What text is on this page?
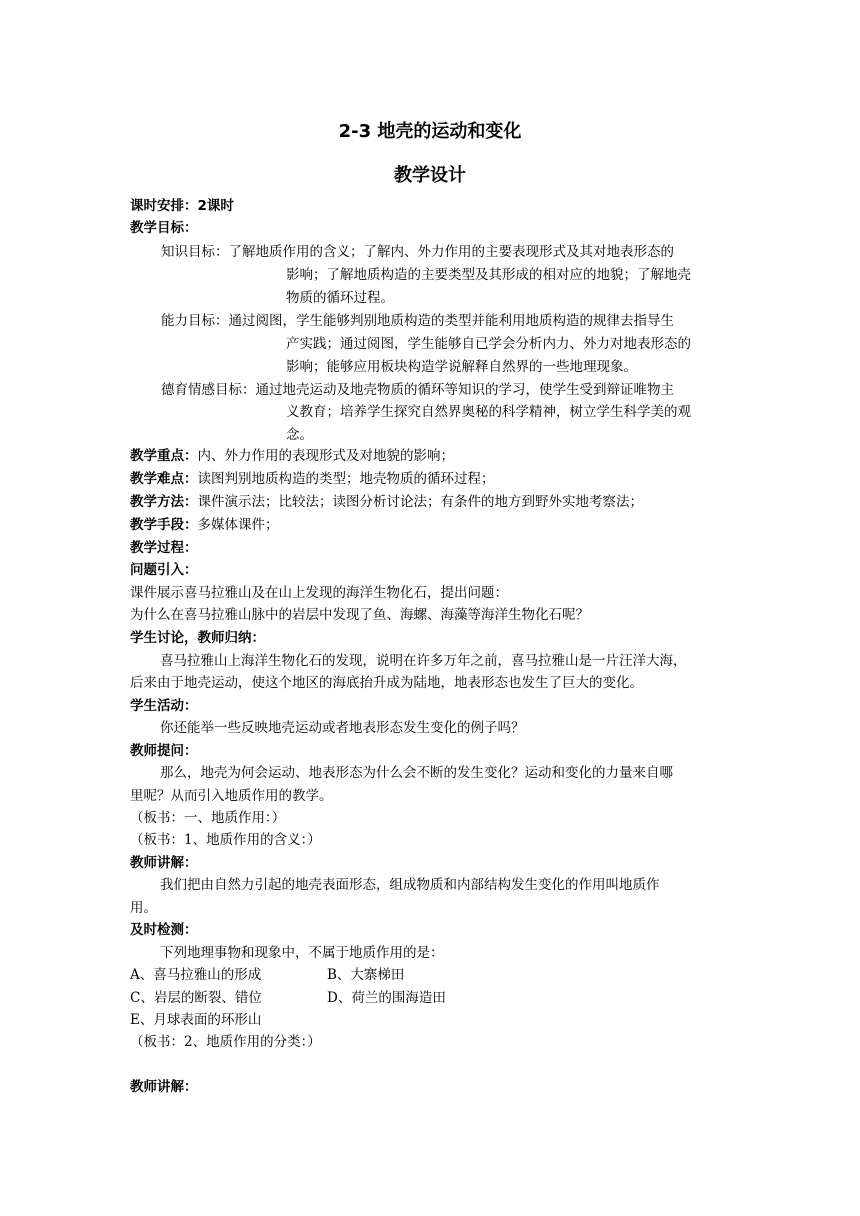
2-3 地壳的运动和变化
教学设计
课时安排：2课时
教学目标：
知识目标：了解地质作用的含义；了解内、外力作用的主要表现形式及其对地表形态的
影响；了解地质构造的主要类型及其形成的相对应的地貌；了解地壳
物质的循环过程。
能力目标：通过阅图，学生能够判别地质构造的类型并能利用地质构造的规律去指导生
产实践；通过阅图，学生能够自已学会分析内力、外力对地表形态的
影响；能够应用板块构造学说解释自然界的一些地理现象。
德育情感目标：通过地壳运动及地壳物质的循环等知识的学习，使学生受到辩证唯物主
义教育；培养学生探究自然界奥秘的科学精神，树立学生科学美的观
念。
教学重点：内、外力作用的表现形式及对地貌的影响；
教学难点：读图判别地质构造的类型；地壳物质的循环过程；
教学方法：课件演示法；比较法；读图分析讨论法；有条件的地方到野外实地考察法；
教学手段：多媒体课件；
教学过程：
问题引入：
课件展示喜马拉雅山及在山上发现的海洋生物化石，提出问题：
为什么在喜马拉雅山脉中的岩层中发现了鱼、海螺、海藻等海洋生物化石呢？
学生讨论，教师归纳：
喜马拉雅山上海洋生物化石的发现，说明在许多万年之前，喜马拉雅山是一片汪洋大海，
后来由于地壳运动，使这个地区的海底抬升成为陆地，地表形态也发生了巨大的变化。
学生活动：
你还能举一些反映地壳运动或者地表形态发生变化的例子吗？
教师提问：
那么，地壳为何会运动、地表形态为什么会不断的发生变化？运动和变化的力量来自哪
里呢？从而引入地质作用的教学。
（板书：一、地质作用：）
（板书：1、地质作用的含义：）
教师讲解：
我们把由自然力引起的地壳表面形态，组成物质和内部结构发生变化的作用叫地质作
用。
及时检测：
下列地理事物和现象中，不属于地质作用的是：
A、喜马拉雅山的形成	B、大寨梯田
C、岩层的断裂、错位	D、荷兰的围海造田
E、月球表面的环形山
（板书：2、地质作用的分类：）
教师讲解：
